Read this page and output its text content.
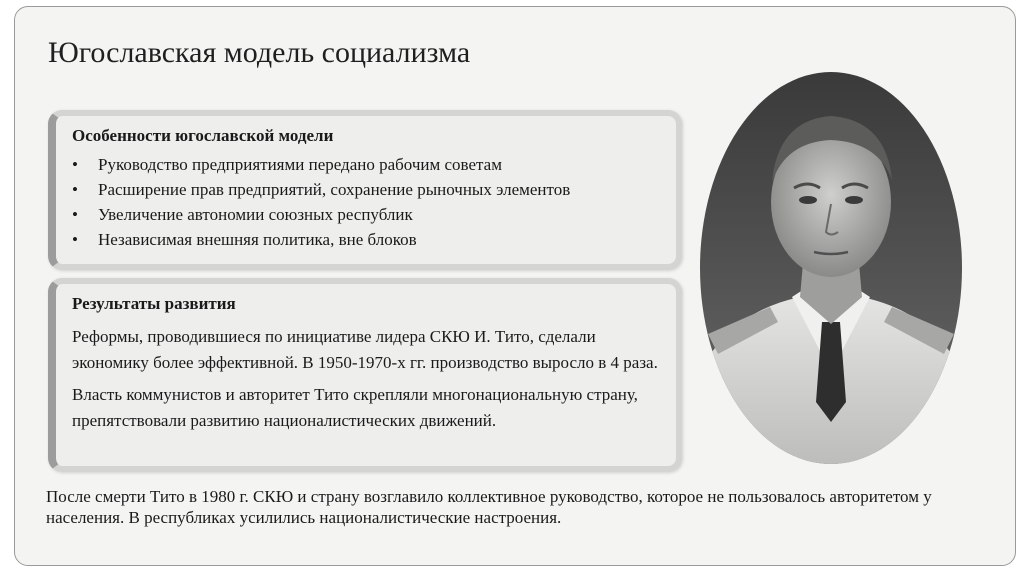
Югославская модель социализма
Особенности югославской модели
•	Руководство предприятиями передано рабочим советам
•	Расширение прав предприятий, сохранение рыночных элементов
•	Увеличение автономии союзных республик
•	Независимая внешняя политика, вне блоков
Результаты развития

Реформы, проводившиеся по инициативе лидера СКЮ И. Тито, сделали экономику более эффективной. В 1950-1970-х гг. производство выросло в 4 раза.

Власть коммунистов и авторитет Тито скрепляли многонациональную страну, препятствовали развитию националистических движений.

После смерти Тито в 1980 г. СКЮ и страну возглавило коллективное руководство, которое не пользовалось авторитетом у населения. В республиках усилились националистические настроения.
